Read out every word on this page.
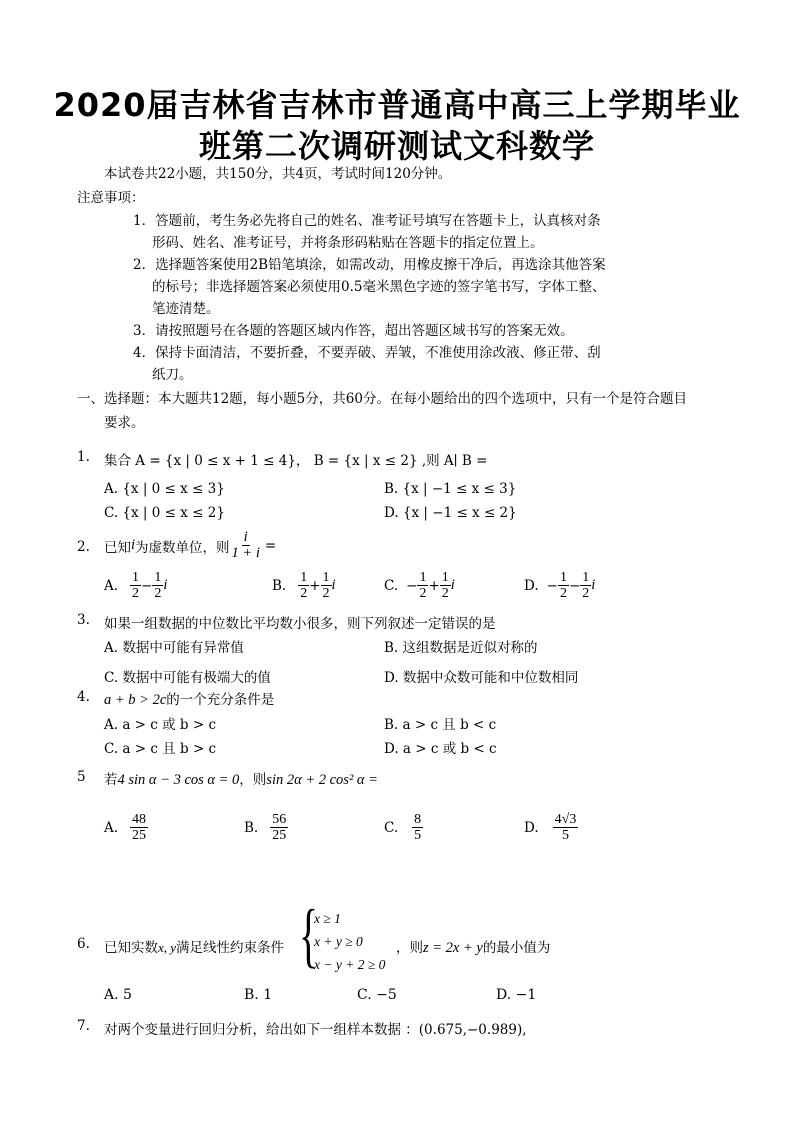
2020届吉林省吉林市普通高中高三上学期毕业
班第二次调研测试文科数学
本试卷共22小题，共150分，共4页，考试时间120分钟。
注意事项：
1．答题前，考生务必先将自己的姓名、准考证号填写在答题卡上，认真核对条
形码、姓名、准考证号，并将条形码粘贴在答题卡的指定位置上。
2．选择题答案使用2B铅笔填涂，如需改动，用橡皮擦干净后，再选涂其他答案
的标号；非选择题答案必须使用0.5毫米黑色字迹的签字笔书写，字体工整、
笔迹清楚。
3．请按照题号在各题的答题区域内作答，超出答题区域书写的答案无效。
4．保持卡面清洁，不要折叠，不要弄破、弄皱，不准使用涂改液、修正带、刮
纸刀。
一、选择题：本大题共12题，每小题5分，共60分。在每小题给出的四个选项中，只有一个是符合题目
要求。
1. 集合 A = {x | 0 ≤ x + 1 ≤ 4}， B = {x | x ≤ 2} ,则 A∣ B =
A. {x | 0 ≤ x ≤ 3}	B. {x | −1 ≤ x ≤ 3}
C. {x | 0 ≤ x ≤ 2}	D. {x | −1 ≤ x ≤ 2}
2. 已知 i 为虚数单位，则 $\frac{i}{1 + i}$ =
A. $\frac{1}{2} - \frac{1}{2}$ i	B. $\frac{1}{2} + \frac{1}{2}$ i	C. − $\frac{1}{2} + \frac{1}{2}$ i	D. − $\frac{1}{2} - \frac{1}{2}$ i
3. 如果一组数据的中位数比平均数小很多，则下列叙述一定错误的是
A. 数据中可能有异常值	B. 这组数据是近似对称的
C. 数据中可能有极端大的值	D. 数据中众数可能和中位数相同
4. a + b > 2c的一个充分条件是
A. a > c 或 b > c	B. a > c 且 b < c
C. a > c 且 b > c	D. a > c 或 b < c
5 若4 sin α − 3 cos α = 0，则sin 2α + 2 cos² α =
A. $\frac{48}{25}$	B. $\frac{56}{25}$	C. $\frac{8}{5}$	D. $\frac{4√3}{5}$
6. 已知实数x, y满足线性约束条件 {
x ≥ 1
x + y ≥ 0
x − y + 2 ≥ 0
，则z = 2x + y的最小值为
A. 5	B. 1	C. −5	D. −1
7. 对两个变量进行回归分析，给出如下一组样本数据 ：(0.675,−0.989),
